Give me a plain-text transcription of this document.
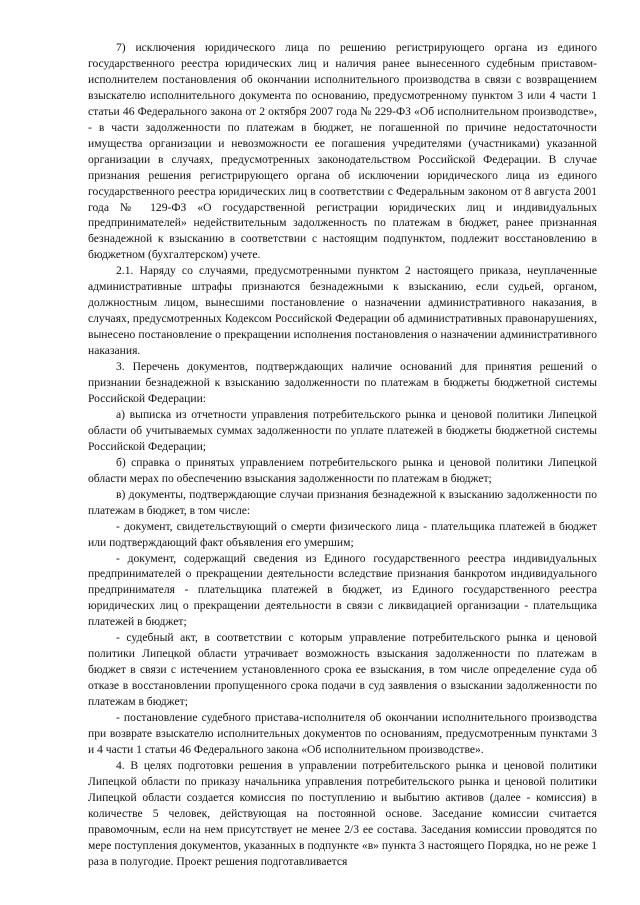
7) исключения юридического лица по решению регистрирующего органа из единого государственного реестра юридических лиц и наличия ранее вынесенного судебным приставом-исполнителем постановления об окончании исполнительного производства в связи с возвращением взыскателю исполнительного документа по основанию, предусмотренному пунктом 3 или 4 части 1 статьи 46 Федерального закона от 2 октября 2007 года № 229-ФЗ «Об исполнительном производстве», - в части задолженности по платежам в бюджет, не погашенной по причине недостаточности имущества организации и невозможности ее погашения учредителями (участниками) указанной организации в случаях, предусмотренных законодательством Российской Федерации. В случае признания решения регистрирующего органа об исключении юридического лица из единого государственного реестра юридических лиц в соответствии с Федеральным законом от 8 августа 2001 года № 129-ФЗ «О государственной регистрации юридических лиц и индивидуальных предпринимателей» недействительным задолженность по платежам в бюджет, ранее признанная безнадежной к взысканию в соответствии с настоящим подпунктом, подлежит восстановлению в бюджетном (бухгалтерском) учете.

2.1. Наряду со случаями, предусмотренными пунктом 2 настоящего приказа, неуплаченные административные штрафы признаются безнадежными к взысканию, если судьей, органом, должностным лицом, вынесшими постановление о назначении административного наказания, в случаях, предусмотренных Кодексом Российской Федерации об административных правонарушениях, вынесено постановление о прекращении исполнения постановления о назначении административного наказания.

3. Перечень документов, подтверждающих наличие оснований для принятия решений о признании безнадежной к взысканию задолженности по платежам в бюджеты бюджетной системы Российской Федерации:

а) выписка из отчетности управления потребительского рынка и ценовой политики Липецкой области об учитываемых суммах задолженности по уплате платежей в бюджеты бюджетной системы Российской Федерации;

б) справка о принятых управлением потребительского рынка и ценовой политики Липецкой области мерах по обеспечению взыскания задолженности по платежам в бюджет;

в) документы, подтверждающие случаи признания безнадежной к взысканию задолженности по платежам в бюджет, в том числе:

- документ, свидетельствующий о смерти физического лица - плательщика платежей в бюджет или подтверждающий факт объявления его умершим;

- документ, содержащий сведения из Единого государственного реестра индивидуальных предпринимателей о прекращении деятельности вследствие признания банкротом индивидуального предпринимателя - плательщика платежей в бюджет, из Единого государственного реестра юридических лиц о прекращении деятельности в связи с ликвидацией организации - плательщика платежей в бюджет;

- судебный акт, в соответствии с которым управление потребительского рынка и ценовой политики Липецкой области утрачивает возможность взыскания задолженности по платежам в бюджет в связи с истечением установленного срока ее взыскания, в том числе определение суда об отказе в восстановлении пропущенного срока подачи в суд заявления о взыскании задолженности по платежам в бюджет;

- постановление судебного пристава-исполнителя об окончании исполнительного производства при возврате взыскателю исполнительных документов по основаниям, предусмотренным пунктами 3 и 4 части 1 статьи 46 Федерального закона «Об исполнительном производстве».

4. В целях подготовки решения в управлении потребительского рынка и ценовой политики Липецкой области по приказу начальника управления потребительского рынка и ценовой политики Липецкой области создается комиссия по поступлению и выбытию активов (далее - комиссия) в количестве 5 человек, действующая на постоянной основе. Заседание комиссии считается правомочным, если на нем присутствует не менее 2/3 ее состава. Заседания комиссии проводятся по мере поступления документов, указанных в подпункте «в» пункта 3 настоящего Порядка, но не реже 1 раза в полугодие. Проект решения подготавливается
